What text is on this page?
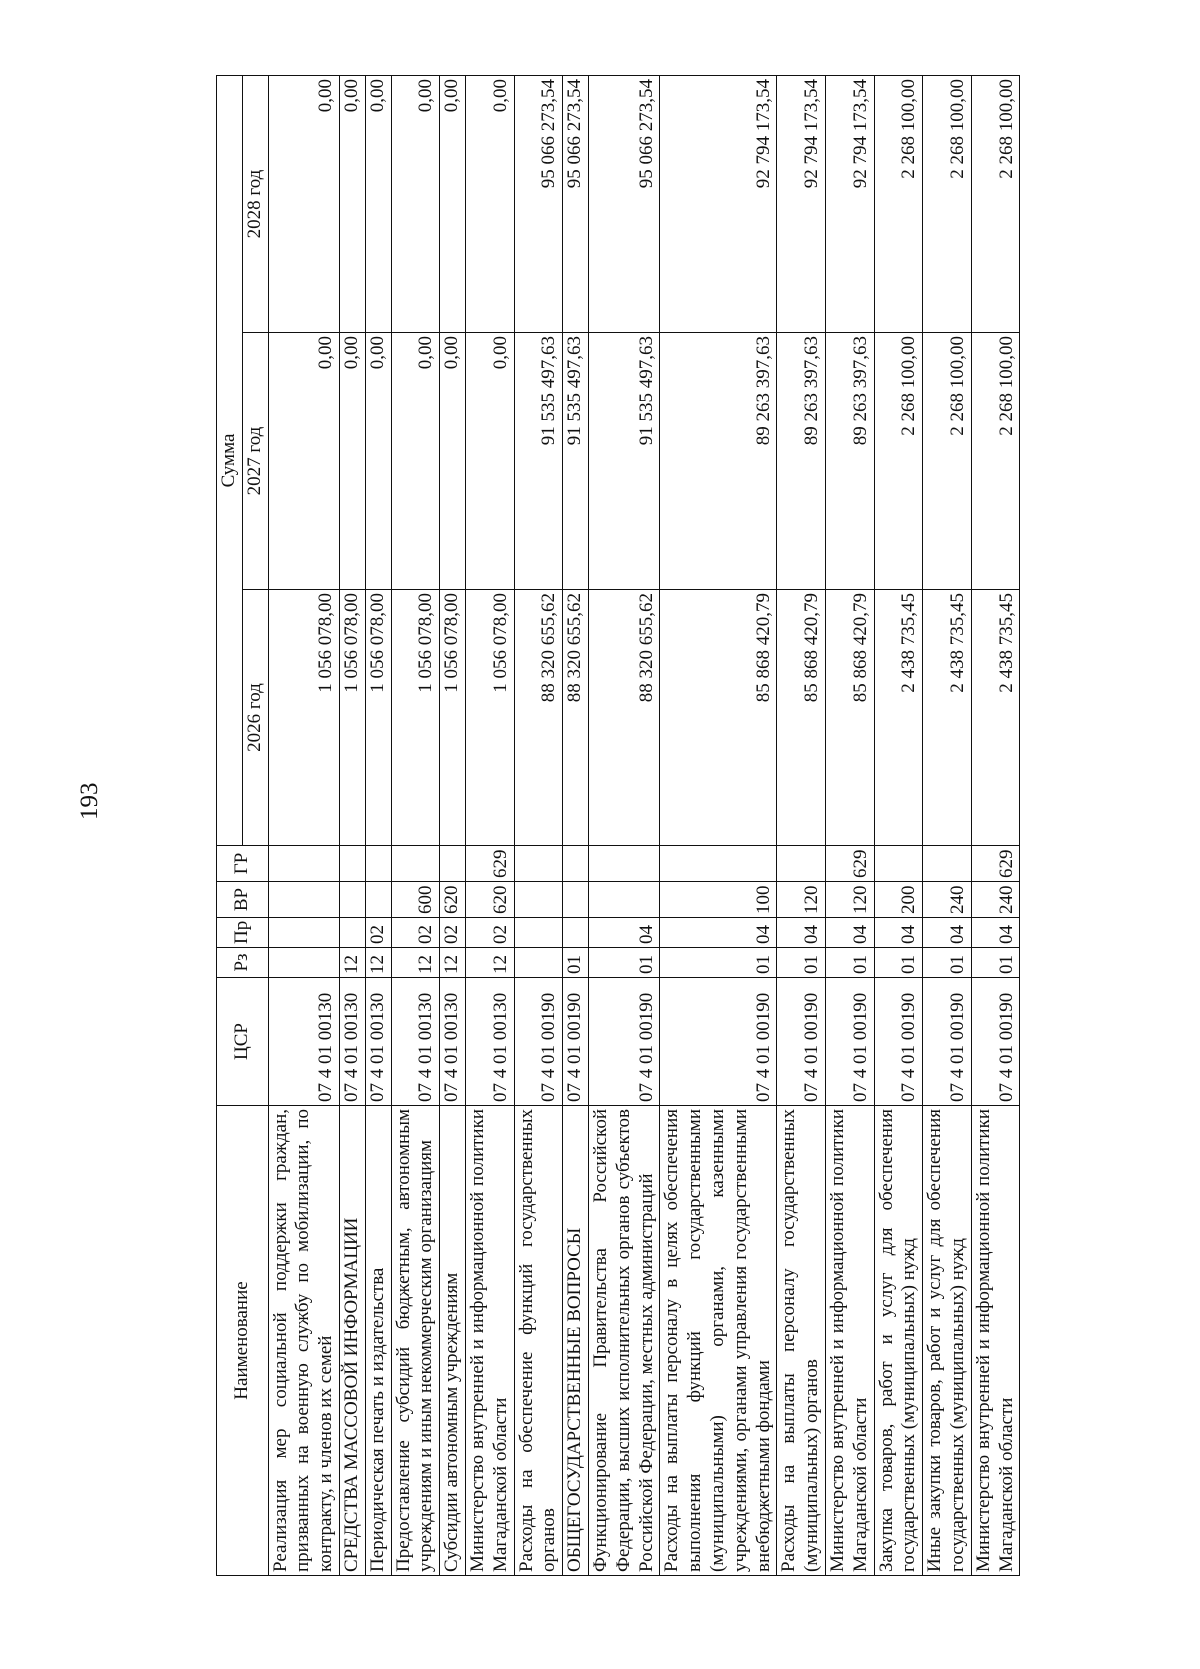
193
Наименование	ЦСР	Рз	Пр	ВР	ГР	Сумма		
						2026 год	2027 год	2028 год
Реализация мер социальной поддержки граждан, призванных на военную службу по мобилизации, по контракту, и членов их семей	07 4 01 00130					1 056 078,00	0,00	0,00
СРЕДСТВА МАССОВОЙ ИНФОРМАЦИИ	07 4 01 00130	12				1 056 078,00	0,00	0,00
Периодическая печать и издательства	07 4 01 00130	12	02			1 056 078,00	0,00	0,00
Предоставление субсидий бюджетным, автономным учреждениям и иным некоммерческим организациям	07 4 01 00130	12	02	600		1 056 078,00	0,00	0,00
Субсидии автономным учреждениям	07 4 01 00130	12	02	620		1 056 078,00	0,00	0,00
Министерство внутренней и информационной политики Магаданской области	07 4 01 00130	12	02	620	629	1 056 078,00	0,00	0,00
Расходы на обеспечение функций государственных органов	07 4 01 00190					88 320 655,62	91 535 497,63	95 066 273,54
ОБЩЕГОСУДАРСТВЕННЫЕ ВОПРОСЫ	07 4 01 00190	01				88 320 655,62	91 535 497,63	95 066 273,54
Функционирование Правительства Российской Федерации, высших исполнительных органов субъектов Российской Федерации, местных администраций	07 4 01 00190	01	04			88 320 655,62	91 535 497,63	95 066 273,54
Расходы на выплаты персоналу в целях обеспечения выполнения функций государственными (муниципальными) органами, казенными учреждениями, органами управления государственными внебюджетными фондами	07 4 01 00190	01	04	100		85 868 420,79	89 263 397,63	92 794 173,54
Расходы на выплаты персоналу государственных (муниципальных) органов	07 4 01 00190	01	04	120		85 868 420,79	89 263 397,63	92 794 173,54
Министерство внутренней и информационной политики Магаданской области	07 4 01 00190	01	04	120	629	85 868 420,79	89 263 397,63	92 794 173,54
Закупка товаров, работ и услуг для обеспечения государственных (муниципальных) нужд	07 4 01 00190	01	04	200		2 438 735,45	2 268 100,00	2 268 100,00
Иные закупки товаров, работ и услуг для обеспечения государственных (муниципальных) нужд	07 4 01 00190	01	04	240		2 438 735,45	2 268 100,00	2 268 100,00
Министерство внутренней и информационной политики Магаданской области	07 4 01 00190	01	04	240	629	2 438 735,45	2 268 100,00	2 268 100,00
